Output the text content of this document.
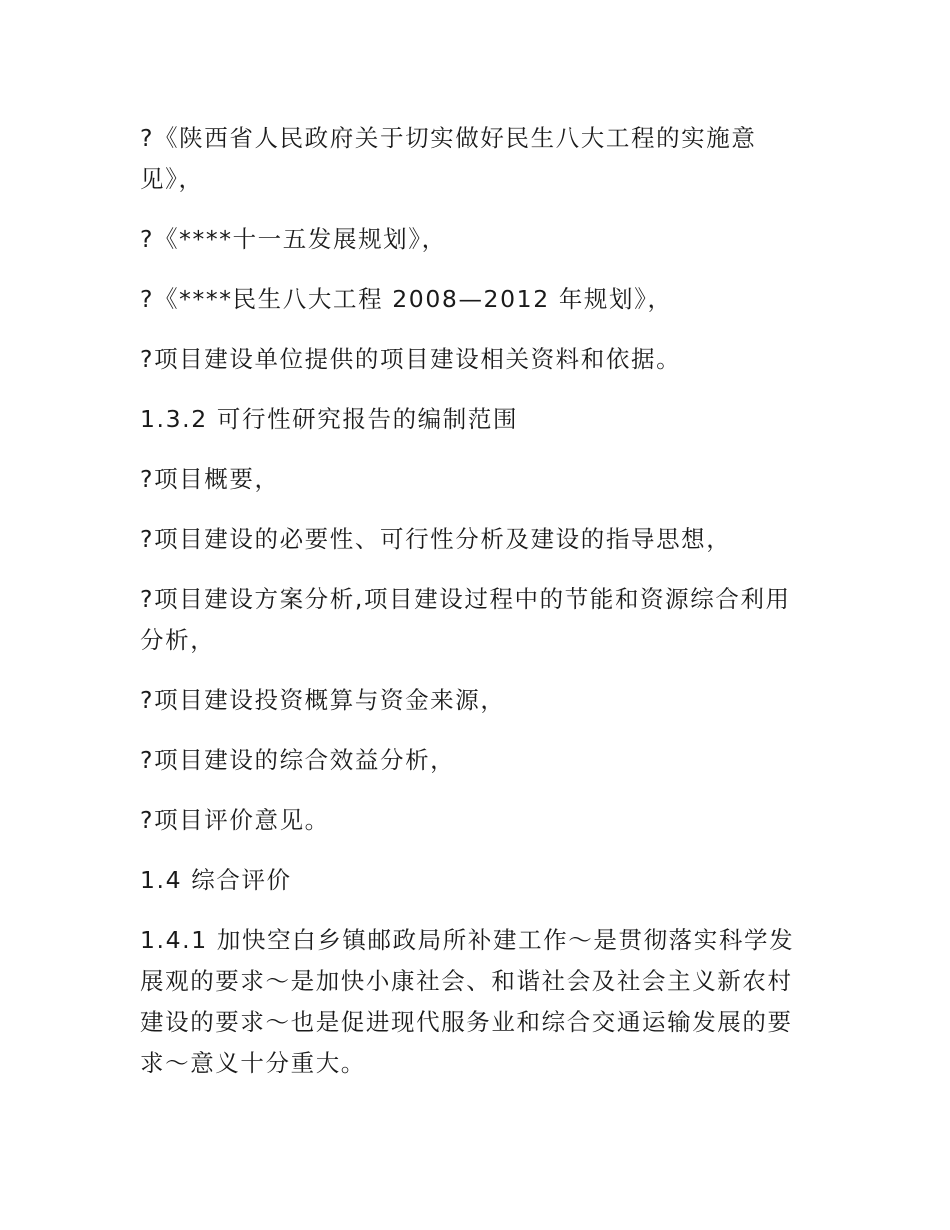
?《陕西省人民政府关于切实做好民生八大工程的实施意见》，

?《****十一五发展规划》，

?《****民生八大工程 2008—2012 年规划》，

?项目建设单位提供的项目建设相关资料和依据。

1.3.2 可行性研究报告的编制范围

?项目概要，

?项目建设的必要性、可行性分析及建设的指导思想，

?项目建设方案分析,项目建设过程中的节能和资源综合利用分析，

?项目建设投资概算与资金来源，

?项目建设的综合效益分析，

?项目评价意见。

1.4 综合评价

1.4.1 加快空白乡镇邮政局所补建工作～是贯彻落实科学发展观的要求～是加快小康社会、和谐社会及社会主义新农村建设的要求～也是促进现代服务业和综合交通运输发展的要求～意义十分重大。
